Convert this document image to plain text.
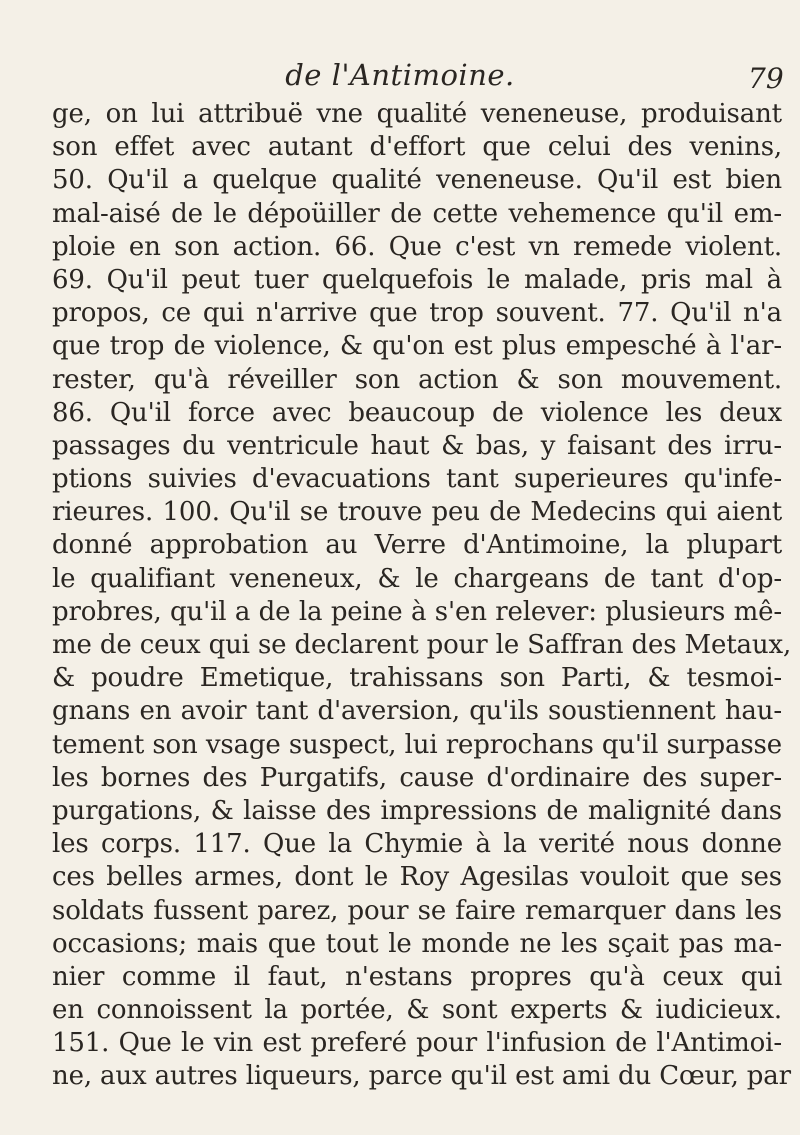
de l'Antimoine.	79
ge, on lui attribuë vne qualité veneneuse, produisant
son effet avec autant d'effort que celui des venins,
50. Qu'il a quelque qualité veneneuse. Qu'il est bien
mal-aisé de le dépoüiller de cette vehemence qu'il em-
ploie en son action. 66. Que c'est vn remede violent.
69. Qu'il peut tuer quelquefois le malade, pris mal à
propos, ce qui n'arrive que trop souvent. 77. Qu'il n'a
que trop de violence, & qu'on est plus empesché à l'ar-
rester, qu'à réveiller son action & son mouvement.
86. Qu'il force avec beaucoup de violence les deux
passages du ventricule haut & bas, y faisant des irru-
ptions suivies d'evacuations tant superieures qu'infe-
rieures. 100. Qu'il se trouve peu de Medecins qui aient
donné approbation au Verre d'Antimoine, la plupart
le qualifiant veneneux, & le chargeans de tant d'op-
probres, qu'il a de la peine à s'en relever: plusieurs mê-
me de ceux qui se declarent pour le Saffran des Metaux,
& poudre Emetique, trahissans son Parti, & tesmoi-
gnans en avoir tant d'aversion, qu'ils soustiennent hau-
tement son vsage suspect, lui reprochans qu'il surpasse
les bornes des Purgatifs, cause d'ordinaire des super-
purgations, & laisse des impressions de malignité dans
les corps. 117. Que la Chymie à la verité nous donne
ces belles armes, dont le Roy Agesilas vouloit que ses
soldats fussent parez, pour se faire remarquer dans les
occasions; mais que tout le monde ne les sçait pas ma-
nier comme il faut, n'estans propres qu'à ceux qui
en connoissent la portée, & sont experts & iudicieux.
151. Que le vin est preferé pour l'infusion de l'Antimoi-
ne, aux autres liqueurs, parce qu'il est ami du Cœur, par
